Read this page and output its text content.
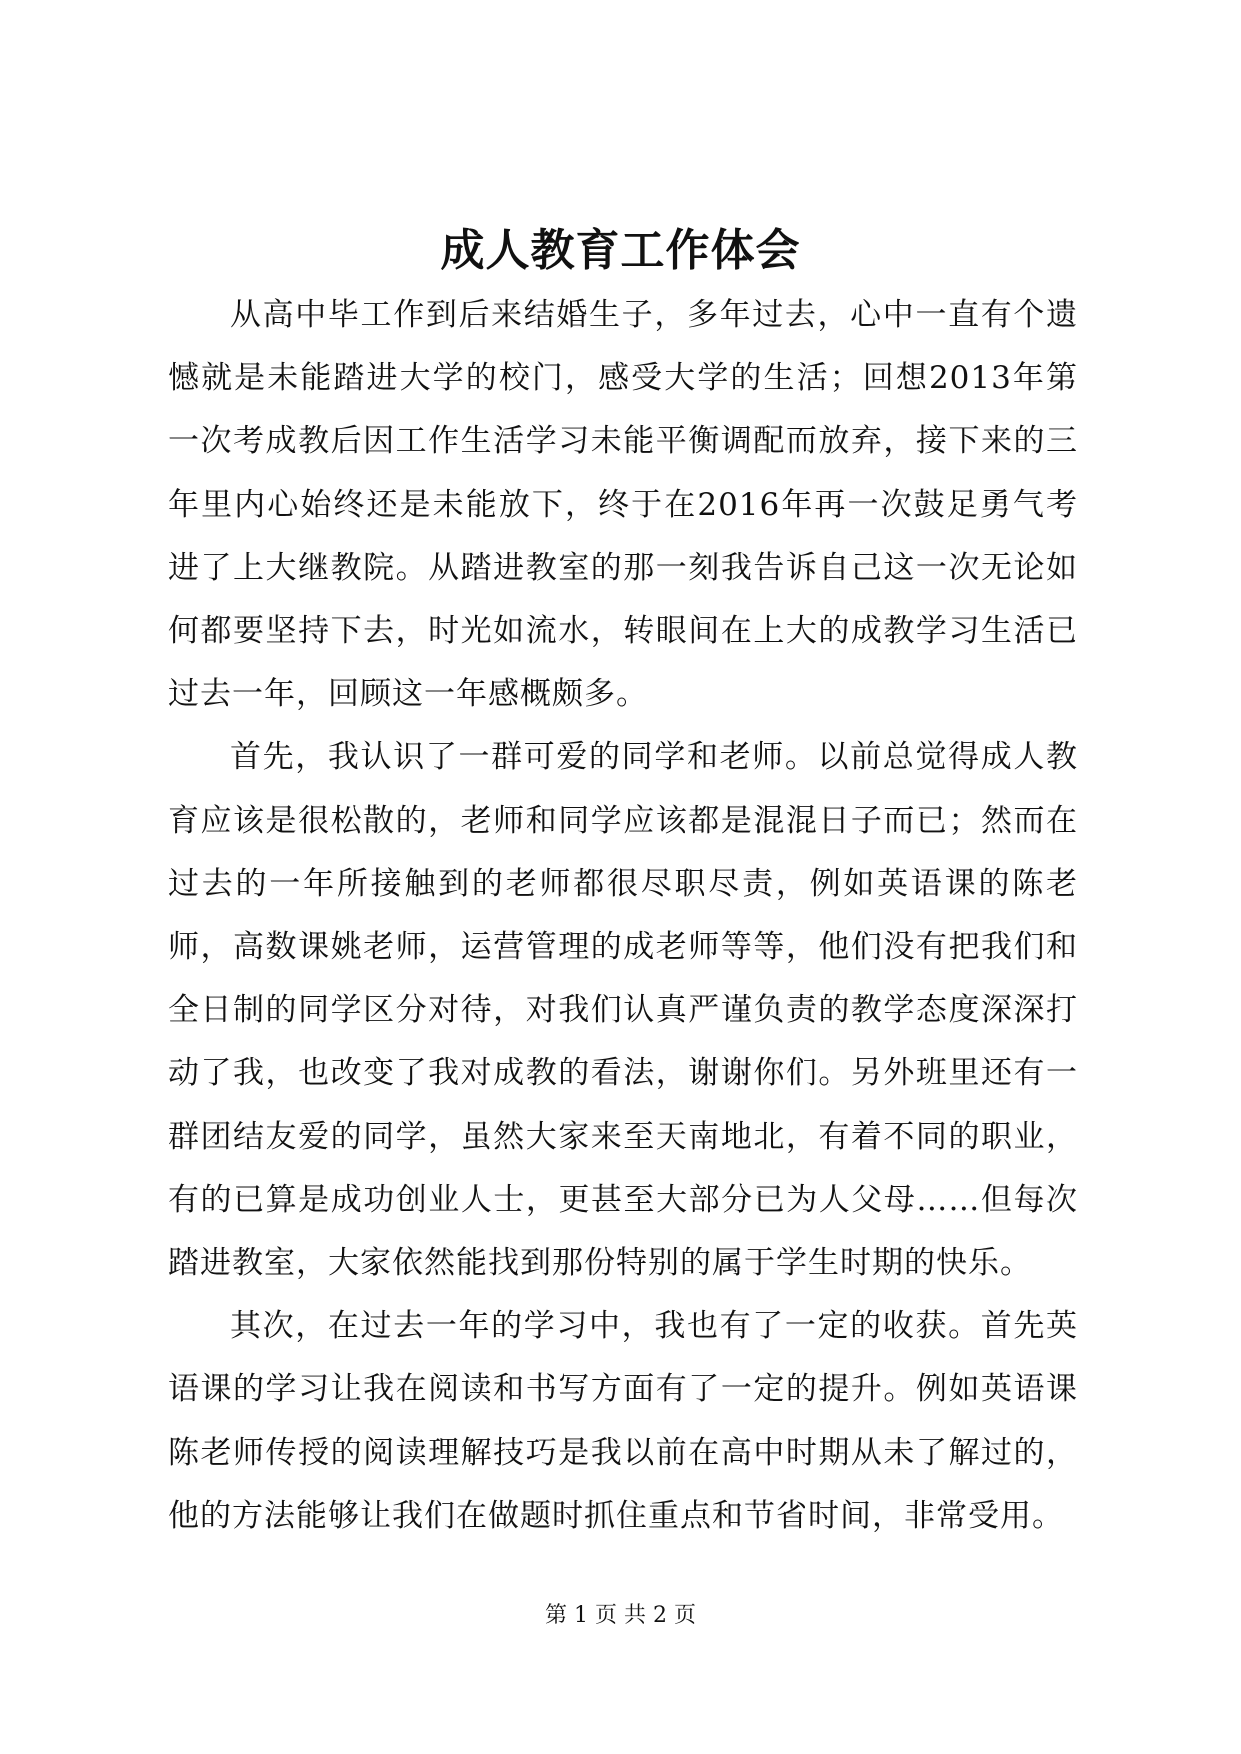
成人教育工作体会

从高中毕工作到后来结婚生子，多年过去，心中一直有个遗憾就是未能踏进大学的校门，感受大学的生活；回想2013年第一次考成教后因工作生活学习未能平衡调配而放弃，接下来的三年里内心始终还是未能放下，终于在2016年再一次鼓足勇气考进了上大继教院。从踏进教室的那一刻我告诉自己这一次无论如何都要坚持下去，时光如流水，转眼间在上大的成教学习生活已过去一年，回顾这一年感概颇多。

首先，我认识了一群可爱的同学和老师。以前总觉得成人教育应该是很松散的，老师和同学应该都是混混日子而已；然而在过去的一年所接触到的老师都很尽职尽责，例如英语课的陈老师，高数课姚老师，运营管理的成老师等等，他们没有把我们和全日制的同学区分对待，对我们认真严谨负责的教学态度深深打动了我，也改变了我对成教的看法，谢谢你们。另外班里还有一群团结友爱的同学，虽然大家来至天南地北，有着不同的职业，有的已算是成功创业人士，更甚至大部分已为人父母……但每次踏进教室，大家依然能找到那份特别的属于学生时期的快乐。

其次，在过去一年的学习中，我也有了一定的收获。首先英语课的学习让我在阅读和书写方面有了一定的提升。例如英语课陈老师传授的阅读理解技巧是我以前在高中时期从未了解过的，他的方法能够让我们在做题时抓住重点和节省时间，非常受用。

第 1 页 共 2 页
